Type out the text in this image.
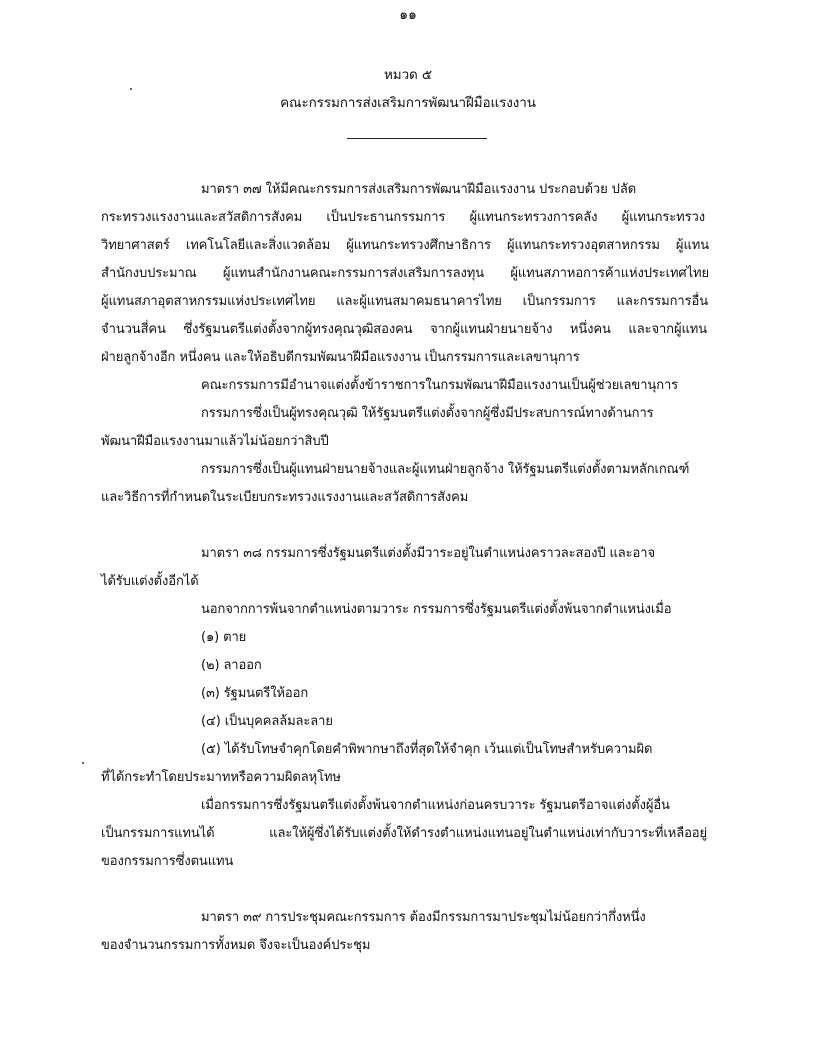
๑๑
หมวด ๕
คณะกรรมการส่งเสริมการพัฒนาฝีมือแรงงาน
มาตรา ๓๗ ให้มีคณะกรรมการส่งเสริมการพัฒนาฝีมือแรงงาน ประกอบด้วย ปลัด
กระทรวงแรงงานและสวัสดิการสังคม เป็นประธานกรรมการ ผู้แทนกระทรวงการคลัง ผู้แทนกระทรวง
วิทยาศาสตร์ เทคโนโลยีและสิ่งแวดล้อม ผู้แทนกระทรวงศึกษาธิการ ผู้แทนกระทรวงอุตสาหกรรม ผู้แทน
สำนักงบประมาณ ผู้แทนสำนักงานคณะกรรมการส่งเสริมการลงทุน ผู้แทนสภาหอการค้าแห่งประเทศไทย
ผู้แทนสภาอุตสาหกรรมแห่งประเทศไทย และผู้แทนสมาคมธนาคารไทย เป็นกรรมการ และกรรมการอื่น
จำนวนสี่คน ซึ่งรัฐมนตรีแต่งตั้งจากผู้ทรงคุณวุฒิสองคน จากผู้แทนฝ่ายนายจ้าง หนึ่งคน และจากผู้แทน
ฝ่ายลูกจ้างอีก หนึ่งคน และให้อธิบดีกรมพัฒนาฝีมือแรงงาน เป็นกรรมการและเลขานุการ
คณะกรรมการมีอำนาจแต่งตั้งข้าราชการในกรมพัฒนาฝีมือแรงงานเป็นผู้ช่วยเลขานุการ
กรรมการซึ่งเป็นผู้ทรงคุณวุฒิ ให้รัฐมนตรีแต่งตั้งจากผู้ซึ่งมีประสบการณ์ทางด้านการ
พัฒนาฝีมือแรงงานมาแล้วไม่น้อยกว่าสิบปี
กรรมการซึ่งเป็นผู้แทนฝ่ายนายจ้างและผู้แทนฝ่ายลูกจ้าง ให้รัฐมนตรีแต่งตั้งตามหลักเกณฑ์
และวิธีการที่กำหนดในระเบียบกระทรวงแรงงานและสวัสดิการสังคม
มาตรา ๓๘ กรรมการซึ่งรัฐมนตรีแต่งตั้งมีวาระอยู่ในตำแหน่งคราวละสองปี และอาจ
ได้รับแต่งตั้งอีกได้
นอกจากการพ้นจากตำแหน่งตามวาระ กรรมการซึ่งรัฐมนตรีแต่งตั้งพ้นจากตำแหน่งเมื่อ
(๑) ตาย
(๒) ลาออก
(๓) รัฐมนตรีให้ออก
(๔) เป็นบุคคลล้มละลาย
(๕) ได้รับโทษจำคุกโดยคำพิพากษาถึงที่สุดให้จำคุก เว้นแต่เป็นโทษสำหรับความผิด
ที่ได้กระทำโดยประมาทหรือความผิดลหุโทษ
เมื่อกรรมการซึ่งรัฐมนตรีแต่งตั้งพ้นจากตำแหน่งก่อนครบวาระ รัฐมนตรีอาจแต่งตั้งผู้อื่น
เป็นกรรมการแทนได้ และให้ผู้ซึ่งได้รับแต่งตั้งให้ดำรงตำแหน่งแทนอยู่ในตำแหน่งเท่ากับวาระที่เหลืออยู่
ของกรรมการซึ่งตนแทน
มาตรา ๓๙ การประชุมคณะกรรมการ ต้องมีกรรมการมาประชุมไม่น้อยกว่ากึ่งหนึ่ง
ของจำนวนกรรมการทั้งหมด จึงจะเป็นองค์ประชุม
